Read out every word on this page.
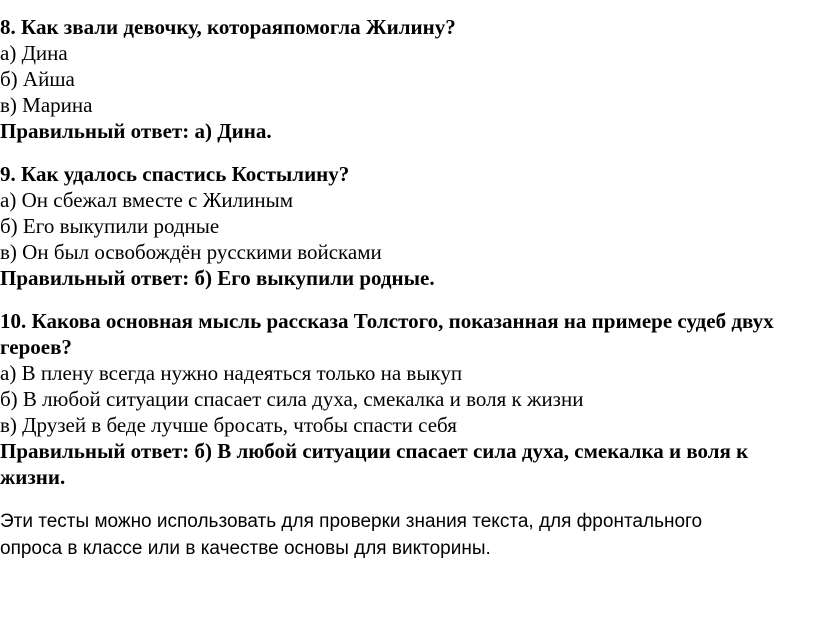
8. Как звали девочку, котораяпомогла Жилину?
а) Дина
б) Айша
в) Марина
Правильный ответ: а) Дина.
9. Как удалось спастись Костылину?
а) Он сбежал вместе с Жилиным
б) Его выкупили родные
в) Он был освобождён русскими войсками
Правильный ответ: б) Его выкупили родные.
10. Какова основная мысль рассказа Толстого, показанная на примере судеб двух героев?
а) В плену всегда нужно надеяться только на выкуп
б) В любой ситуации спасает сила духа, смекалка и воля к жизни
в) Друзей в беде лучше бросать, чтобы спасти себя
Правильный ответ: б) В любой ситуации спасает сила духа, смекалка и воля к жизни.
Эти тесты можно использовать для проверки знания текста, для фронтального
опроса в классе или в качестве основы для викторины.
